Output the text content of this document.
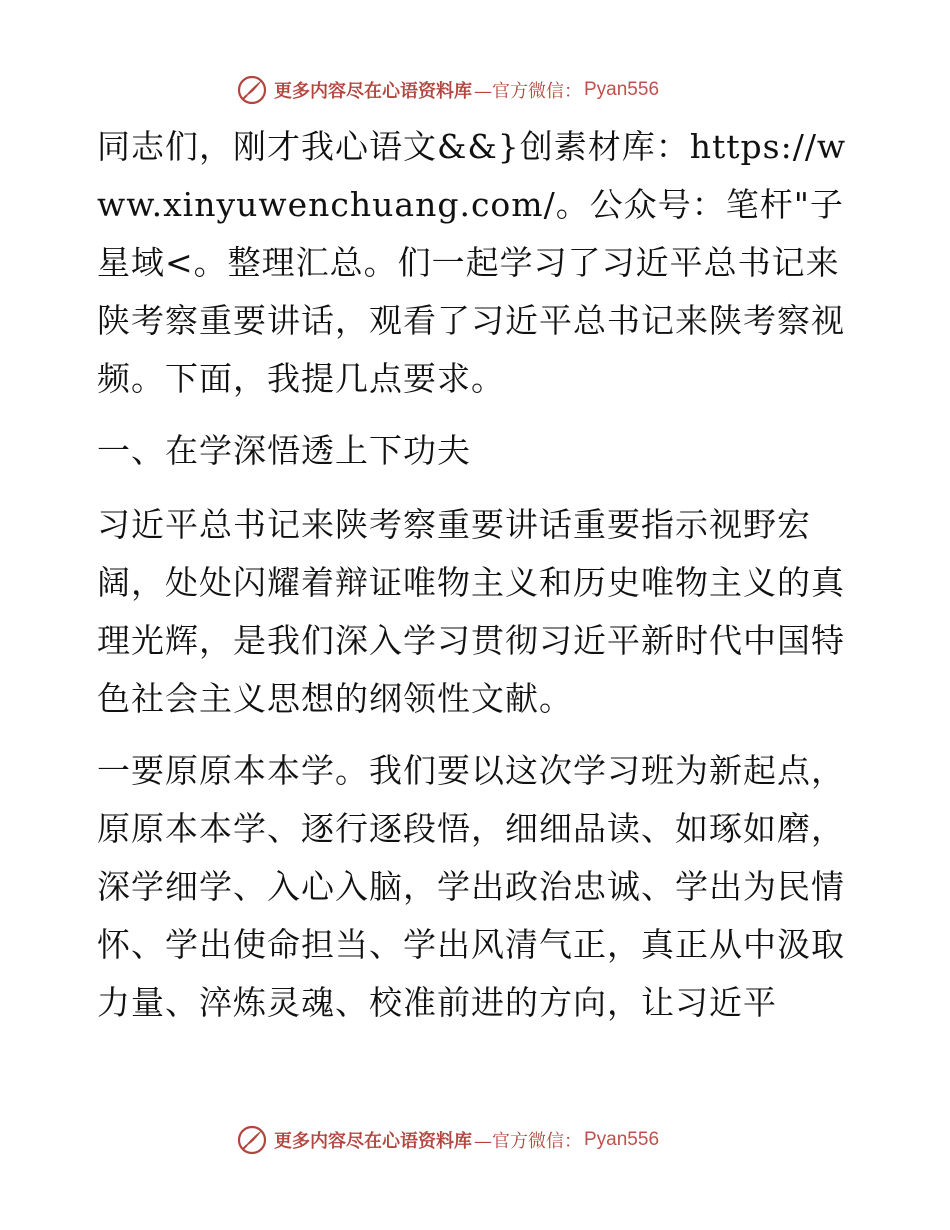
更多内容尽在心语资料库 —官方微信： Pyan556

同志们，刚才我心语文&&}创素材库：https://www.xinyuwenchuang.com/。公众号：笔杆"子星域<。整理汇总。们一起学习了习近平总书记来陕考察重要讲话，观看了习近平总书记来陕考察视频。下面，我提几点要求。

一、在学深悟透上下功夫

习近平总书记来陕考察重要讲话重要指示视野宏阔，处处闪耀着辩证唯物主义和历史唯物主义的真理光辉，是我们深入学习贯彻习近平新时代中国特色社会主义思想的纲领性文献。

一要原原本本学。我们要以这次学习班为新起点，原原本本学、逐行逐段悟，细细品读、如琢如磨，深学细学、入心入脑，学出政治忠诚、学出为民情怀、学出使命担当、学出风清气正，真正从中汲取力量、淬炼灵魂、校准前进的方向，让习近平

更多内容尽在心语资料库 —官方微信： Pyan556
